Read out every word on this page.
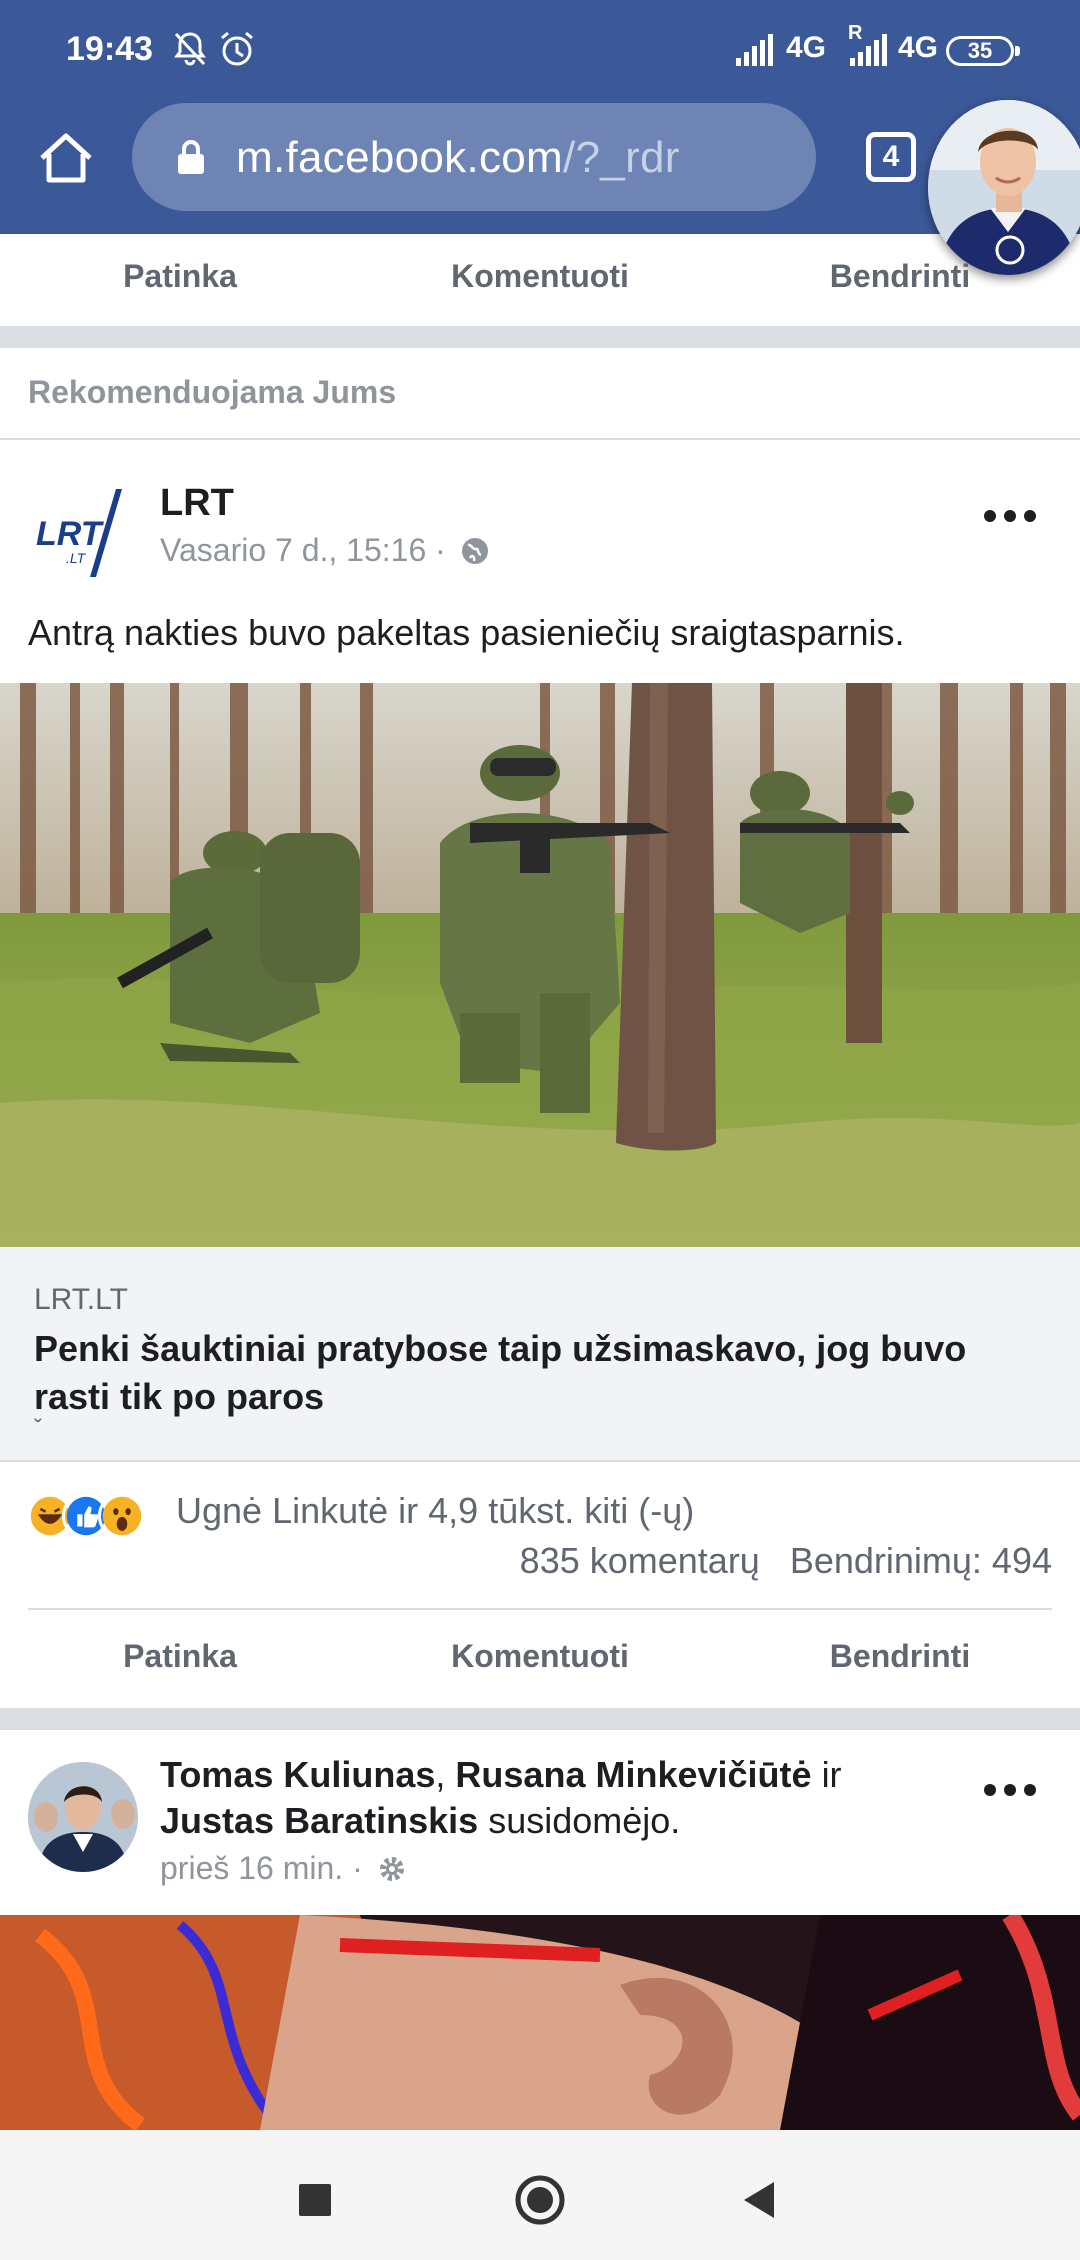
19:43	4G R 4G	35
m.facebook.com/?_rdr	4
Patinka	Komentuoti	Bendrinti
Rekomenduojama Jums
LRT
.LT
LRT
Vasario 7 d., 15:16 ·
Antrą nakties buvo pakeltas pasieniečių sraigtasparnis.
LRT.LT
Penki šauktiniai pratybose taip užsimaskavo, jog buvo rasti tik po paros
ˇ
Ugnė Linkutė ir 4,9 tūkst. kiti (-ų)
835 komentarų Bendrinimų: 494
Patinka	Komentuoti	Bendrinti
Tomas Kuliunas, Rusana Minkevičiūtė ir Justas Baratinskis susidomėjo.
prieš 16 min. ·
